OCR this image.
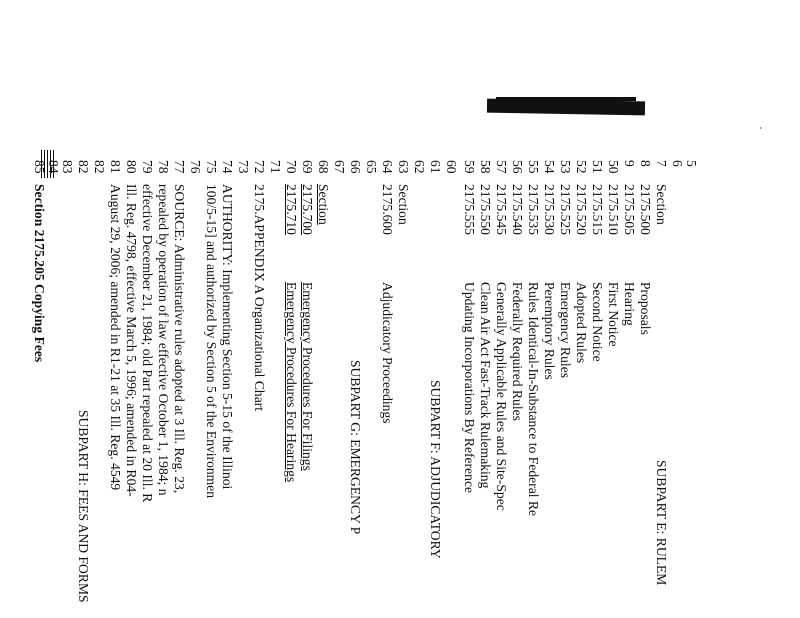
5
6
7
Section
SUBPART E: RULEM
8
2175.500
Proposals
9
2175.505
Hearing
50
2175.510
First Notice
51
2175.515
Second Notice
52
2175.520
Adopted Rules
53
2175.525
Emergency Rules
54
2175.530
Peremptory Rules
55
2175.535
Rules Identical-In-Substance to Federal Re
56
2175.540
Federally Required Rules
57
2175.545
Generally Applicable Rules and Site-Spec
58
2175.550
Clean Air Act Fast-Track Rulemaking
59
2175.555
Updating Incorporations By Reference
60
61
SUBPART F: ADJUDICATORY
62
63
Section
64
2175.600
Adjudicatory Proceedings
65
66
SUBPART G: EMERGENCY P
67
68
Section
69
2175.700
Emergency Procedures For Filings
70
2175.710
Emergency Procedures For Hearings
71
72
2175.APPENDIX A Organizational Chart
73
74
AUTHORITY: Implementing Section 5-15 of the Illinoi
75
100/5-15] and authorized by Section 5 of the Environmen
76
77
SOURCE: Administrative rules adopted at 3 Ill. Reg. 23,
78
repealed by operation of law effective October 1, 1984; n
79
effective December 21, 1984; old Part repealed at 20 Ill. R
80
Ill. Reg. 4798, effective March 5, 1996; amended in R04-
81
August 29, 2006; amended in R1-21 at 35 Ill. Reg. 4549
82
82
SUBPART H: FEES AND FORMS
83
84
85
Section 2175.205 Copying Fees
